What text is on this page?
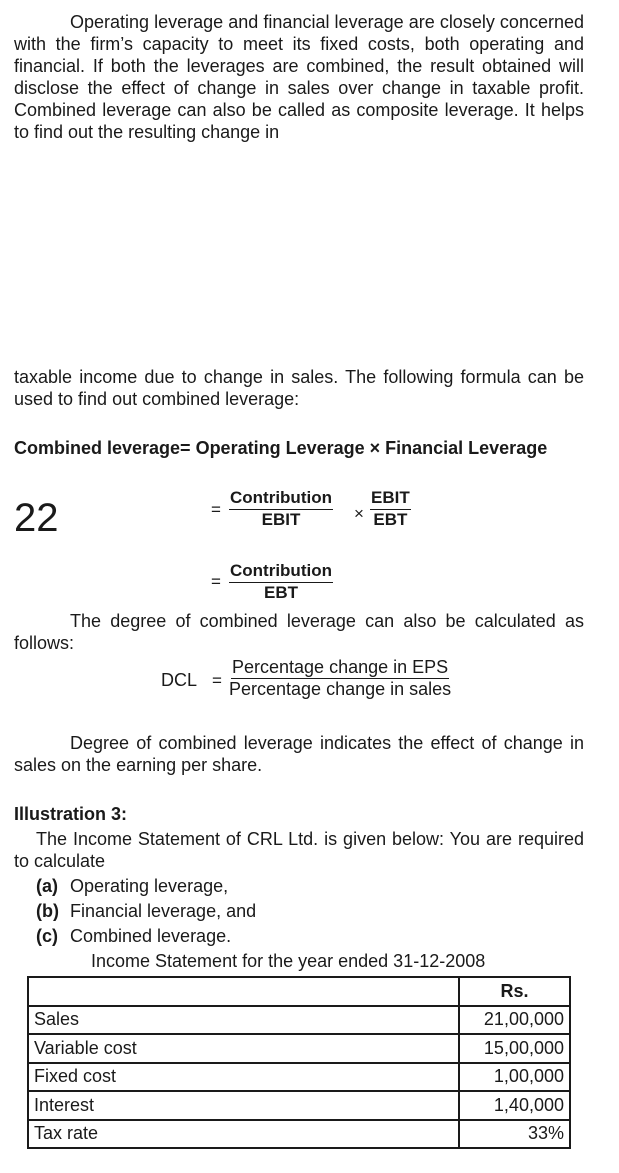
Operating leverage and financial leverage are closely concerned with the firm’s capacity to meet its fixed costs, both operating and financial. If both the leverages are combined, the result obtained will disclose the effect of change in sales over change in taxable profit. Combined leverage can also be called as composite leverage. It helps to find out the resulting change in

taxable income due to change in sales. The following formula can be used to find out combined leverage:

Combined leverage= Operating Leverage × Financial Leverage
22	=
Contribution
EBIT	×
EBIT
EBT
=
Contribution
EBT

The degree of combined leverage can also be calculated as follows:

DCL =
Percentage change in EPS
Percentage change in sales

Degree of combined leverage indicates the effect of change in sales on the earning per share.

Illustration 3:

The Income Statement of CRL Ltd. is given below: You are required to calculate

(a) Operating leverage,
(b) Financial leverage, and
(c) Combined leverage.
Income Statement for the year ended 31-12-2008
	Rs.
Sales	21,00,000
Variable cost	15,00,000
Fixed cost	1,00,000
Interest	1,40,000
Tax rate	33%
